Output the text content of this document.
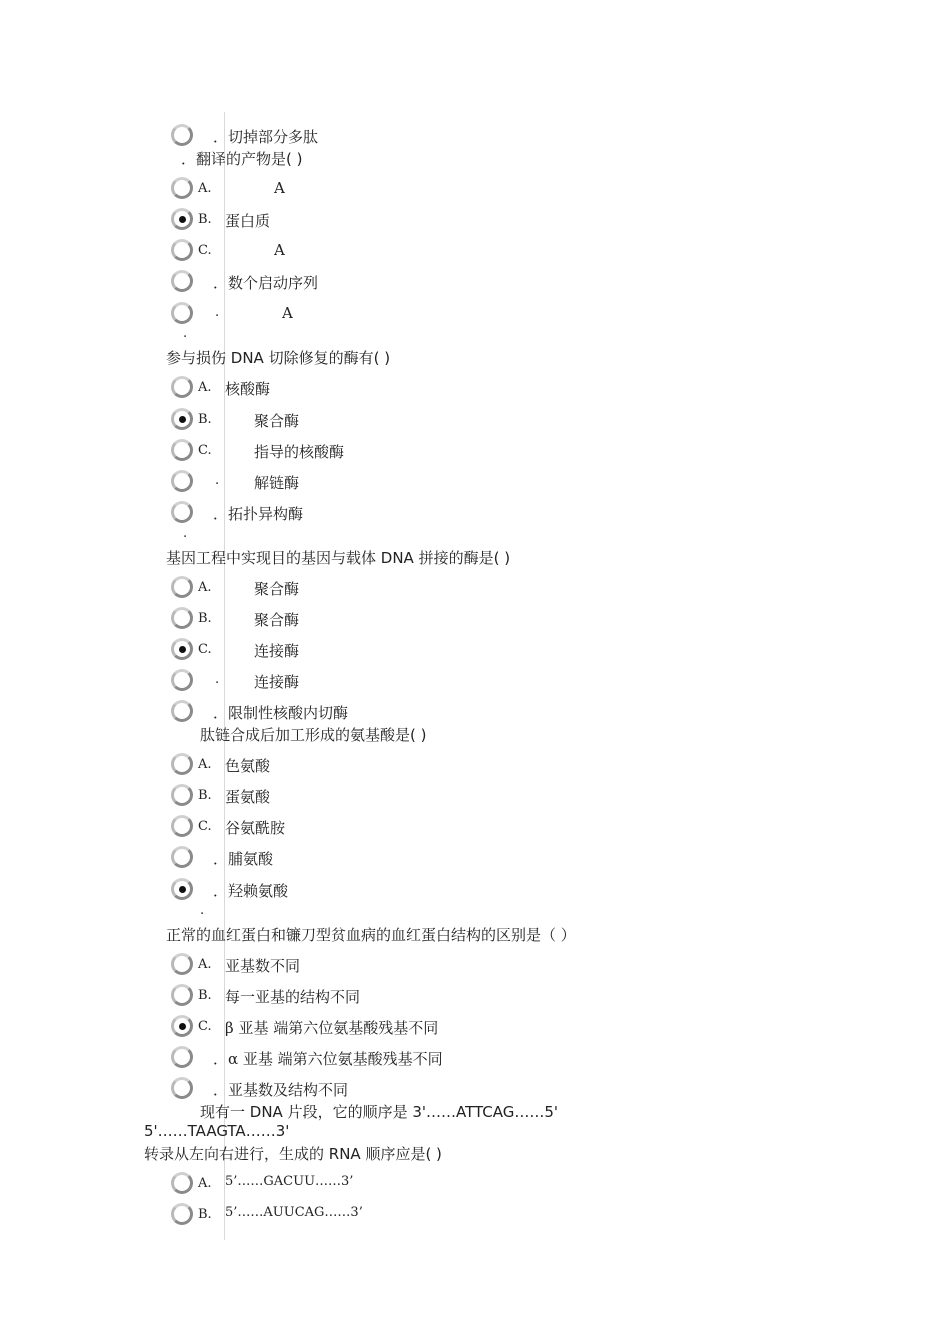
．切掉部分多肽
．翻译的产物是( )
A.	A
B. 蛋白质
C.	A
．数个启动序列
.	A
.
参与损伤 DNA 切除修复的酶有( )
A. 核酸酶
B.	聚合酶
C.	指导的核酸酶
. 解链酶
．拓扑异构酶
.
基因工程中实现目的基因与载体 DNA 拼接的酶是( )
A.	聚合酶
B.	聚合酶
C.	连接酶
. 连接酶
．限制性核酸内切酶
肽链合成后加工形成的氨基酸是( )
A. 色氨酸
B. 蛋氨酸
C. 谷氨酰胺
．脯氨酸
．羟赖氨酸
.
正常的血红蛋白和镰刀型贫血病的血红蛋白结构的区别是（ ）
A. 亚基数不同
B. 每一亚基的结构不同
C. β 亚基 端第六位氨基酸残基不同
．α 亚基 端第六位氨基酸残基不同
．亚基数及结构不同
现有一 DNA 片段，它的顺序是 3'……ATTCAG……5'
5'……TAAGTA……3'
转录从左向右进行，生成的 RNA 顺序应是( )
A. 5’……GACUU……3’
B. 5’……AUUCAG……3’
